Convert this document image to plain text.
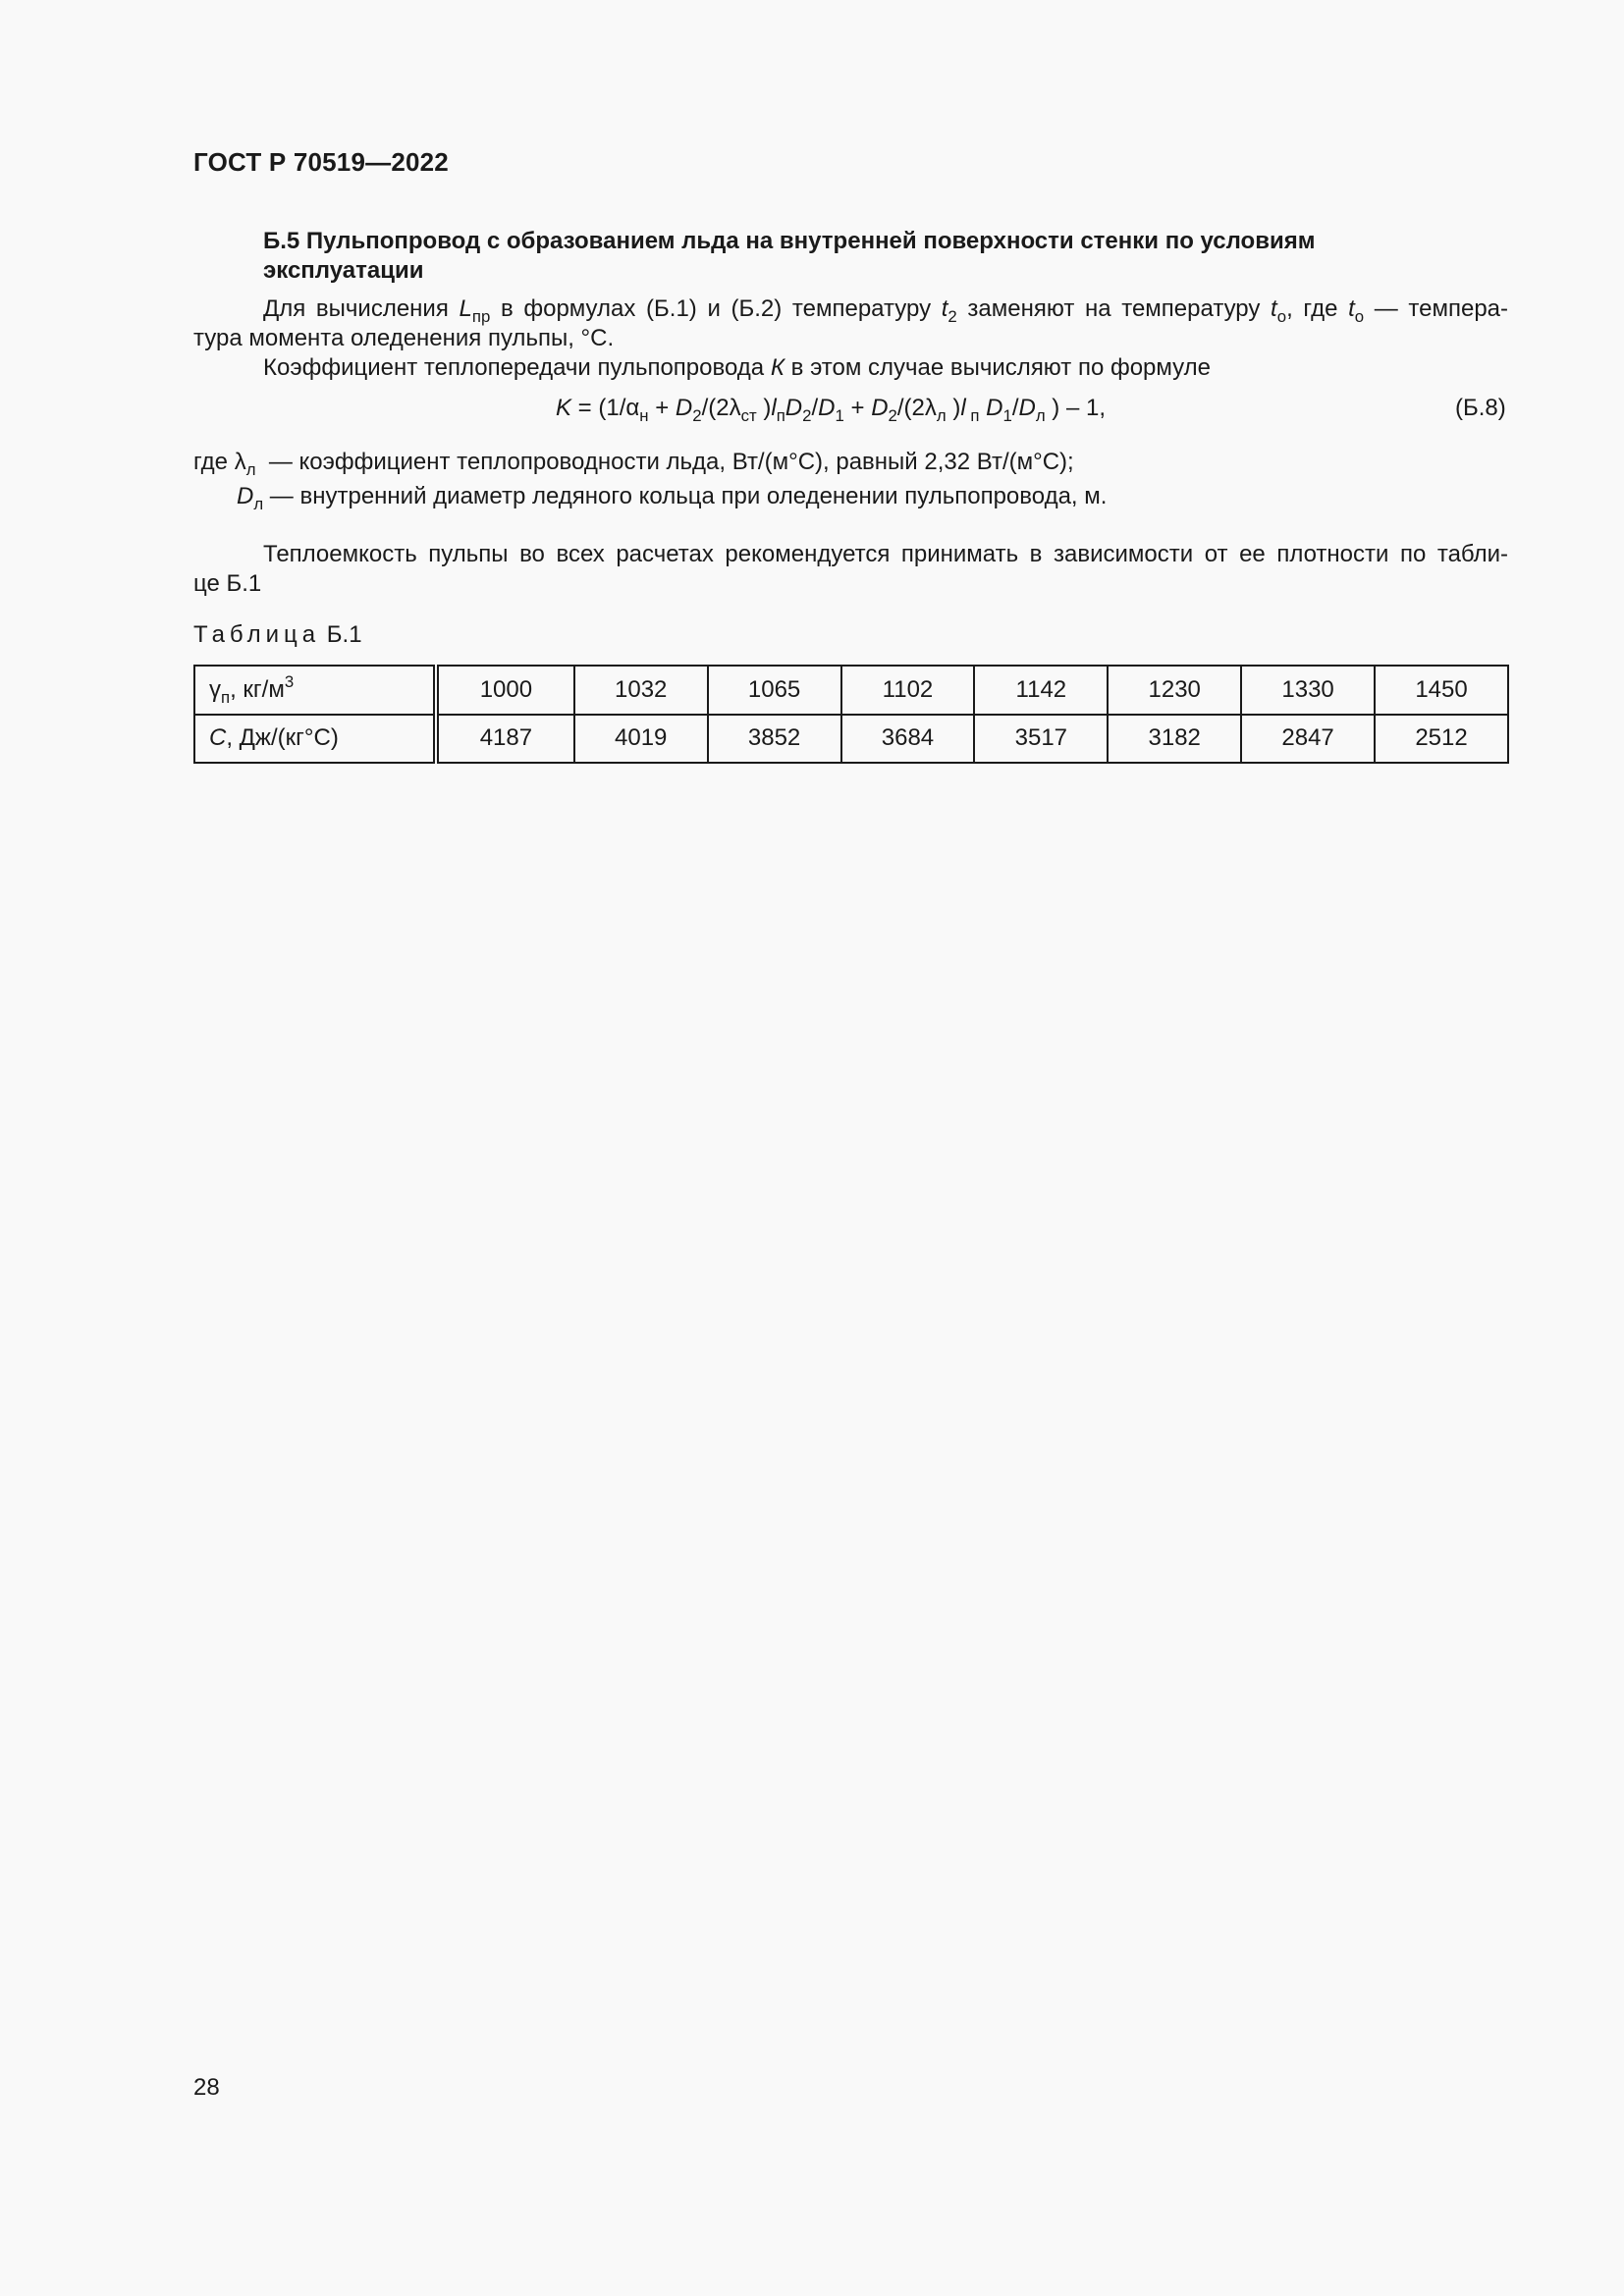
ГОСТ Р 70519—2022
Б.5 Пульпопровод с образованием льда на внутренней поверхности стенки по условиям
эксплуатации
Для вычисления $L_{пр}$ в формулах (Б.1) и (Б.2) температуру $t_2$ заменяют на температуру $t_о$, где $t_о$ — темпера-
тура момента оледенения пульпы, °C.
Коэффициент теплопередачи пульпопровода К в этом случае вычисляют по формуле
$K = (1/\alpha_н + D_2/(2\lambda_{ст}$ )$l_пD_2/D_1 + D_2/(2\lambda_л$ )l $_п$ $D_1/D_л$ ) – 1,	(Б.8)
где $\lambda_л$  — коэффициент теплопроводности льда, Вт/(м°С), равный 2,32 Вт/(м°С);
$D_л$ — внутренний диаметр ледяного кольца при оледенении пульпопровода, м.
Теплоемкость пульпы во всех расчетах рекомендуется принимать в зависимости от ее плотности по табли-
це Б.1
Таблица Б.1
$\gamma_п$, $кг/м^3$	1000	1032	1065	1102	1142	1230	1330	1450
С, Дж/(кг°С)	4187	4019	3852	3684	3517	3182	2847	2512
28
